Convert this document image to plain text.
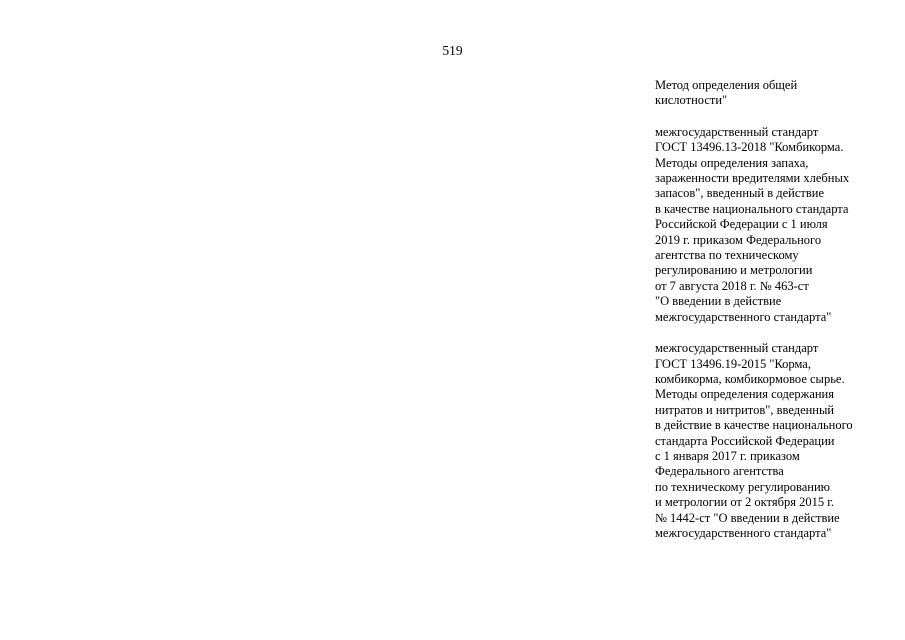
519
Метод определения общей
кислотности"
межгосударственный стандарт
ГОСТ 13496.13-2018 "Комбикорма.
Методы определения запаха,
зараженности вредителями хлебных
запасов", введенный в действие
в качестве национального стандарта
Российской Федерации с 1 июля
2019 г. приказом Федерального
агентства по техническому
регулированию и метрологии
от 7 августа 2018 г. № 463-ст
"О введении в действие
межгосударственного стандарта"
межгосударственный стандарт
ГОСТ 13496.19-2015 "Корма,
комбикорма, комбикормовое сырье.
Методы определения содержания
нитратов и нитритов", введенный
в действие в качестве национального
стандарта Российской Федерации
с 1 января 2017 г. приказом
Федерального агентства
по техническому регулированию
и метрологии от 2 октября 2015 г.
№ 1442-ст "О введении в действие
межгосударственного стандарта"
